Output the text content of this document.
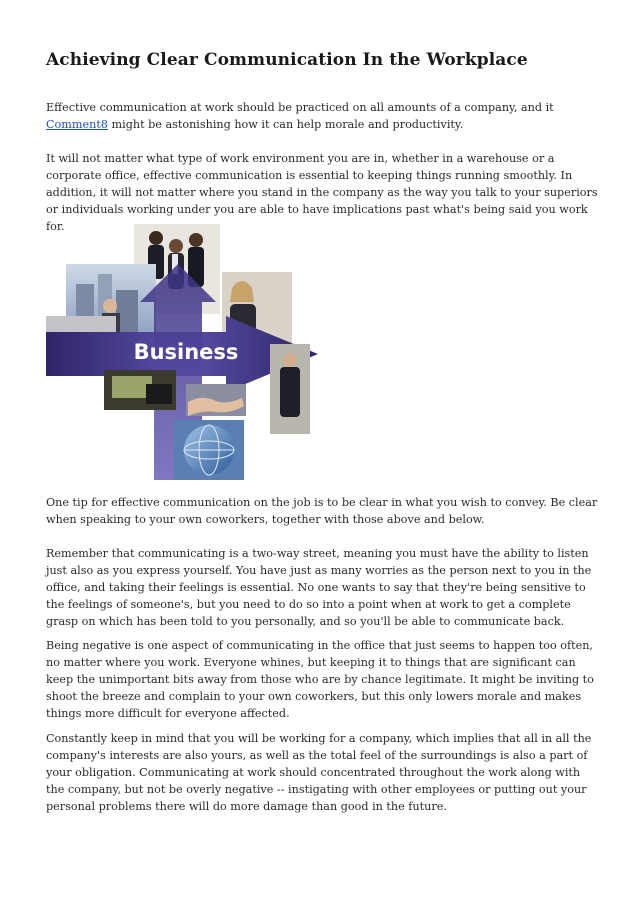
Achieving Clear Communication In the Workplace

Effective communication at work should be practiced on all amounts of a company, and it Comment8 might be astonishing how it can help morale and productivity.

It will not matter what type of work environment you are in, whether in a warehouse or a corporate office, effective communication is essential to keeping things running smoothly. In addition, it will not matter where you stand in the company as the way you talk to your superiors or individuals working under you are able to have implications past what's being said you work for.

Business

One tip for effective communication on the job is to be clear in what you wish to convey. Be clear when speaking to your own coworkers, together with those above and below.

Remember that communicating is a two-way street, meaning you must have the ability to listen just also as you express yourself. You have just as many worries as the person next to you in the office, and taking their feelings is essential. No one wants to say that they're being sensitive to the feelings of someone's, but you need to do so into a point when at work to get a complete grasp on which has been told to you personally, and so you'll be able to communicate back.

Being negative is one aspect of communicating in the office that just seems to happen too often, no matter where you work. Everyone whines, but keeping it to things that are significant can keep the unimportant bits away from those who are by chance legitimate. It might be inviting to shoot the breeze and complain to your own coworkers, but this only lowers morale and makes things more difficult for everyone affected.

Constantly keep in mind that you will be working for a company, which implies that all in all the company's interests are also yours, as well as the total feel of the surroundings is also a part of your obligation. Communicating at work should concentrated throughout the work along with the company, but not be overly negative -- instigating with other employees or putting out your personal problems there will do more damage than good in the future.
